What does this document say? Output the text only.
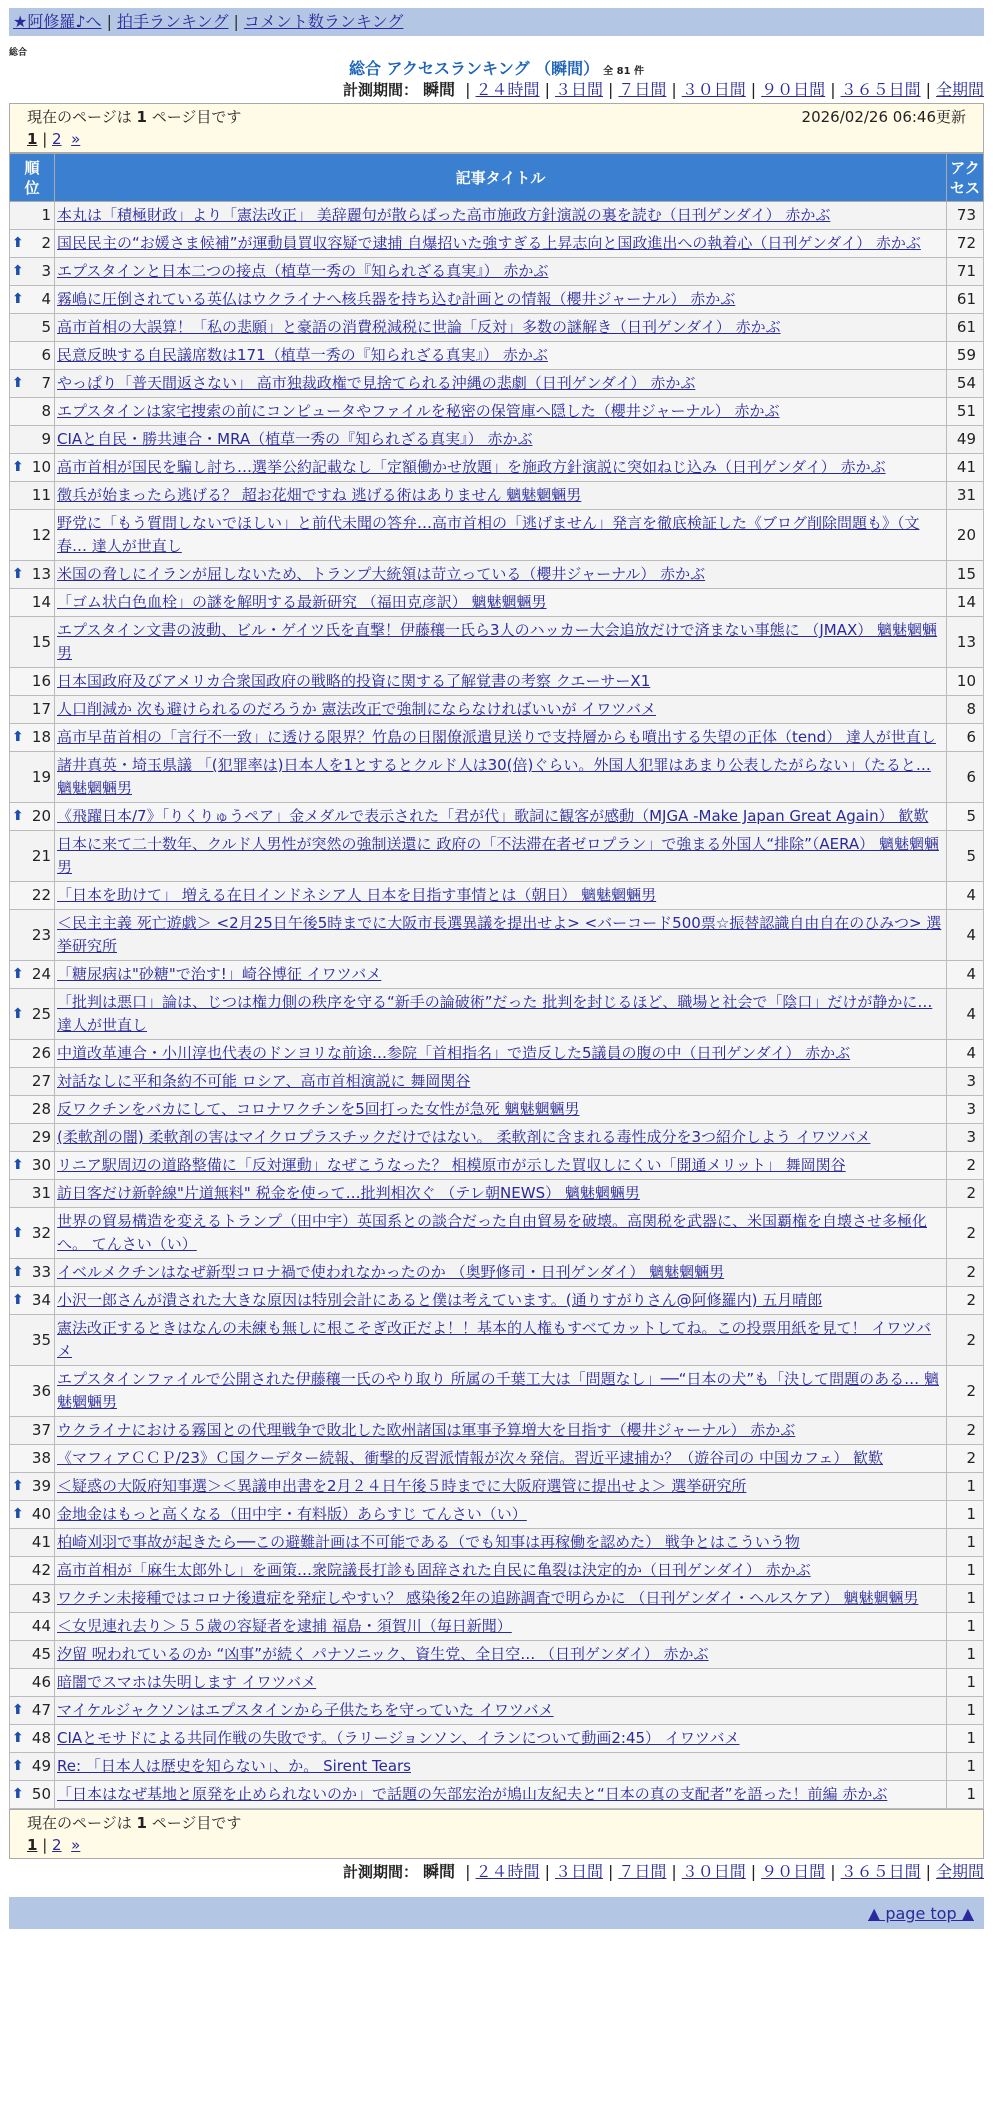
★阿修羅♪へ | 拍手ランキング | コメント数ランキング
総合
総合 アクセスランキング （瞬間） 全 81 件
計測期間： 瞬間 | ２４時間 | ３日間 | ７日間 | ３０日間 | ９０日間 | ３６５日間 | 全期間
現在のページは 1 ページ目です	2026/02/26 06:46更新
1 | 2 »
順位	記事タイトル	アクセス
1	本丸は「積極財政」より「憲法改正」 美辞麗句が散らばった高市施政方針演説の裏を読む（日刊ゲンダイ） 赤かぶ	73

⬆ 2	国民民主の“お媛さま候補”が運動員買収容疑で逮捕 自爆招いた強すぎる上昇志向と国政進出への執着心（日刊ゲンダイ） 赤かぶ	72

⬆ 3	エプスタインと日本二つの接点（植草一秀の『知られざる真実』） 赤かぶ	71

⬆ 4	霧嶋に圧倒されている英仏はウクライナへ核兵器を持ち込む計画との情報（櫻井ジャーナル） 赤かぶ	61
5	高市首相の大誤算！「私の悲願」と豪語の消費税減税に世論「反対」多数の謎解き（日刊ゲンダイ） 赤かぶ	61
6	民意反映する自民議席数は171（植草一秀の『知られざる真実』） 赤かぶ	59

⬆ 7	やっぱり「普天間返さない」 高市独裁政権で見捨てられる沖縄の悲劇（日刊ゲンダイ） 赤かぶ	54
8	エプスタインは家宅捜索の前にコンピュータやファイルを秘密の保管庫へ隠した（櫻井ジャーナル） 赤かぶ	51
9	CIAと自民・勝共連合・MRA（植草一秀の『知られざる真実』） 赤かぶ	49

⬆ 10	高市首相が国民を騙し討ち…選挙公約記載なし「定額働かせ放題」を施政方針演説に突如ねじ込み（日刊ゲンダイ） 赤かぶ	41
11	徴兵が始まったら逃げる？ 超お花畑ですね 逃げる術はありません 魑魅魍魎男	31
12	野党に「もう質問しないでほしい」と前代未聞の答弁…高市首相の「逃げません」発言を徹底検証した《ブログ削除問題も》（文春… 達人が世直し	20

⬆ 13	米国の脅しにイランが屈しないため、トランプ大統領は苛立っている（櫻井ジャーナル） 赤かぶ	15
14	「ゴム状白色血栓」の謎を解明する最新研究 （福田克彦訳） 魑魅魍魎男	14
15	エプスタイン文書の波動、ビル・ゲイツ氏を直撃！伊藤穰一氏ら3人のハッカー大会追放だけで済まない事態に （JMAX） 魑魅魍魎男	13
16	日本国政府及びアメリカ合衆国政府の戦略的投資に関する了解覚書の考察 クエーサーX1	10
17	人口削減か 次も避けられるのだろうか 憲法改正で強制にならなければいいが イワツバメ	8

⬆ 18	高市早苗首相の「言行不一致」に透ける限界？竹島の日閣僚派遣見送りで支持層からも噴出する失望の正体（tend） 達人が世直し	6
19	諸井真英・埼玉県議 「(犯罪率は)日本人を1とするとクルド人は30(倍)ぐらい。外国人犯罪はあまり公表したがらない」（たると… 魑魅魍魎男	6

⬆ 20	《飛躍日本/7》「りくりゅうペア」金メダルで表示された「君が代」歌詞に観客が感動（MJGA -Make Japan Great Again） 歓歎	5
21	日本に来て二十数年、クルド人男性が突然の強制送還に 政府の「不法滞在者ゼロプラン」で強まる外国人“排除”（AERA） 魑魅魍魎男	5
22	「日本を助けて」 増える在日インドネシア人 日本を目指す事情とは（朝日） 魑魅魍魎男	4
23	＜民主主義 死亡遊戯＞ <2月25日午後5時までに大阪市長選異議を提出せよ> <バーコード500票☆振替認識自由自在のひみつ> 選挙研究所	4

⬆ 24	「糖尿病は"砂糖"で治す!」崎谷博征 イワツバメ	4

⬆ 25	「批判は悪口」論は、じつは権力側の秩序を守る“新手の論破術”だった 批判を封じるほど、職場と社会で「陰口」だけが静かに… 達人が世直し	4
26	中道改革連合・小川淳也代表のドンヨリな前途…参院「首相指名」で造反した5議員の腹の中（日刊ゲンダイ） 赤かぶ	4
27	対話なしに平和条約不可能 ロシア、高市首相演説に 舞岡関谷	3
28	反ワクチンをバカにして、コロナワクチンを5回打った女性が急死 魑魅魍魎男	3
29	(柔軟剤の闇) 柔軟剤の害はマイクロプラスチックだけではない。 柔軟剤に含まれる毒性成分を3つ紹介しよう イワツバメ	3

⬆ 30	リニア駅周辺の道路整備に「反対運動」なぜこうなった？ 相模原市が示した買収しにくい「開通メリット」 舞岡関谷	2
31	訪日客だけ新幹線"片道無料" 税金を使って…批判相次ぐ （テレ朝NEWS） 魑魅魍魎男	2

⬆ 32	世界の貿易構造を変えるトランプ（田中宇）英国系との談合だった自由貿易を破壊。高関税を武器に、米国覇権を自壊させ多極化へ。 てんさい（い）	2

⬆ 33	イベルメクチンはなぜ新型コロナ禍で使われなかったのか （奥野修司・日刊ゲンダイ） 魑魅魍魎男	2

⬆ 34	小沢一郎さんが潰された大きな原因は特別会計にあると僕は考えています。(通りすがりさん@阿修羅内) 五月晴郎	2
35	憲法改正するときはなんの未練も無しに根こそぎ改正だよ！！基本的人権もすべてカットしてね。この投票用紙を見て！ イワツバメ	2
36	エプスタインファイルで公開された伊藤穰一氏のやり取り 所属の千葉工大は「問題なし」──“日本の犬”も「決して問題のある… 魑魅魍魎男	2
37	ウクライナにおける霧国との代理戦争で敗北した欧州諸国は軍事予算増大を目指す（櫻井ジャーナル） 赤かぶ	2
38	《マフィアＣＣＰ/23》Ｃ国クーデター続報、衝撃的反習派情報が次々発信。習近平逮捕か？（遊谷司の 中国カフェ） 歓歎	2

⬆ 39	＜疑惑の大阪府知事選＞＜異議申出書を2月２４日午後５時までに大阪府選管に提出せよ＞ 選挙研究所	1

⬆ 40	金地金はもっと高くなる（田中宇・有料版）あらすじ てんさい（い）	1
41	柏崎刈羽で事故が起きたら──この避難計画は不可能である（でも知事は再稼働を認めた） 戦争とはこういう物	1
42	高市首相が「麻生太郎外し」を画策…衆院議長打診も固辞された自民に亀裂は決定的か（日刊ゲンダイ） 赤かぶ	1
43	ワクチン未接種ではコロナ後遺症を発症しやすい？ 感染後2年の追跡調査で明らかに （日刊ゲンダイ・ヘルスケア） 魑魅魍魎男	1
44	＜女児連れ去り＞５５歳の容疑者を逮捕 福島・須賀川（毎日新聞）	1
45	汐留 呪われているのか “凶事”が続く パナソニック、資生党、全日空… （日刊ゲンダイ） 赤かぶ	1
46	暗闇でスマホは失明します イワツバメ	1

⬆ 47	マイケルジャクソンはエプスタインから子供たちを守っていた イワツバメ	1

⬆ 48	CIAとモサドによる共同作戦の失敗です。（ラリージョンソン、イランについて動画2:45） イワツバメ	1

⬆ 49	Re: 「日本人は歴史を知らない」、か。 Sirent Tears	1

⬆ 50	「日本はなぜ基地と原発を止められないのか」で話題の矢部宏治が鳩山友紀夫と“日本の真の支配者”を語った！前編 赤かぶ	1
現在のページは 1 ページ目です
1 | 2 »
計測期間： 瞬間 | ２４時間 | ３日間 | ７日間 | ３０日間 | ９０日間 | ３６５日間 | 全期間
▲ page top ▲
